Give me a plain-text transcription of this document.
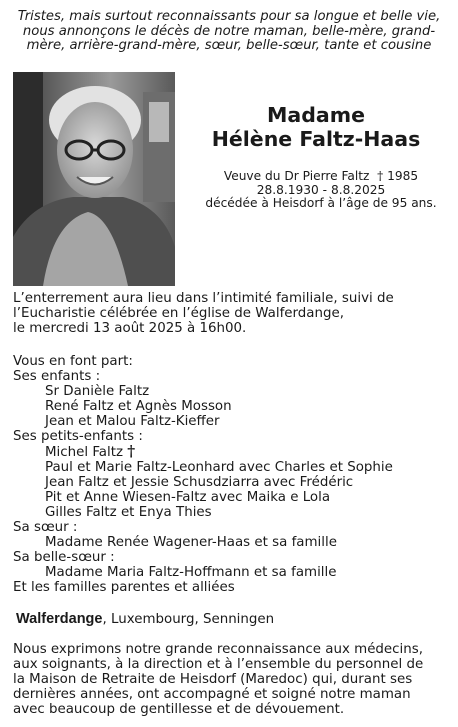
Tristes, mais surtout reconnaissants pour sa longue et belle vie, nous annonçons le décès de notre maman, belle-mère, grand-mère, arrière-grand-mère, sœur, belle-sœur, tante et cousine
Madame
Hélène Faltz-Haas
Veuve du Dr Pierre Faltz † 1985
28.8.1930 - 8.8.2025
décédée à Heisdorf à l’âge de 95 ans.
L’enterrement aura lieu dans l’intimité familiale, suivi de
l’Eucharistie célébrée en l’église de Walferdange,
le mercredi 13 août 2025 à 16h00.
Vous en font part:
Ses enfants :
Sr Danièle Faltz
René Faltz et Agnès Mosson
Jean et Malou Faltz-Kieffer
Ses petits-enfants :
Michel Faltz †
Paul et Marie Faltz-Leonhard avec Charles et Sophie
Jean Faltz et Jessie Schusdziarra avec Frédéric
Pit et Anne Wiesen-Faltz avec Maika e Lola
Gilles Faltz et Enya Thies
Sa sœur :
Madame Renée Wagener-Haas et sa famille
Sa belle-sœur :
Madame Maria Faltz-Hoffmann et sa famille
Et les familles parentes et alliées
Walferdange, Luxembourg, Senningen
Nous exprimons notre grande reconnaissance aux médecins,
aux soignants, à la direction et à l’ensemble du personnel de
la Maison de Retraite de Heisdorf (Maredoc) qui, durant ses
dernières années, ont accompagné et soigné notre maman
avec beaucoup de gentillesse et de dévouement.
